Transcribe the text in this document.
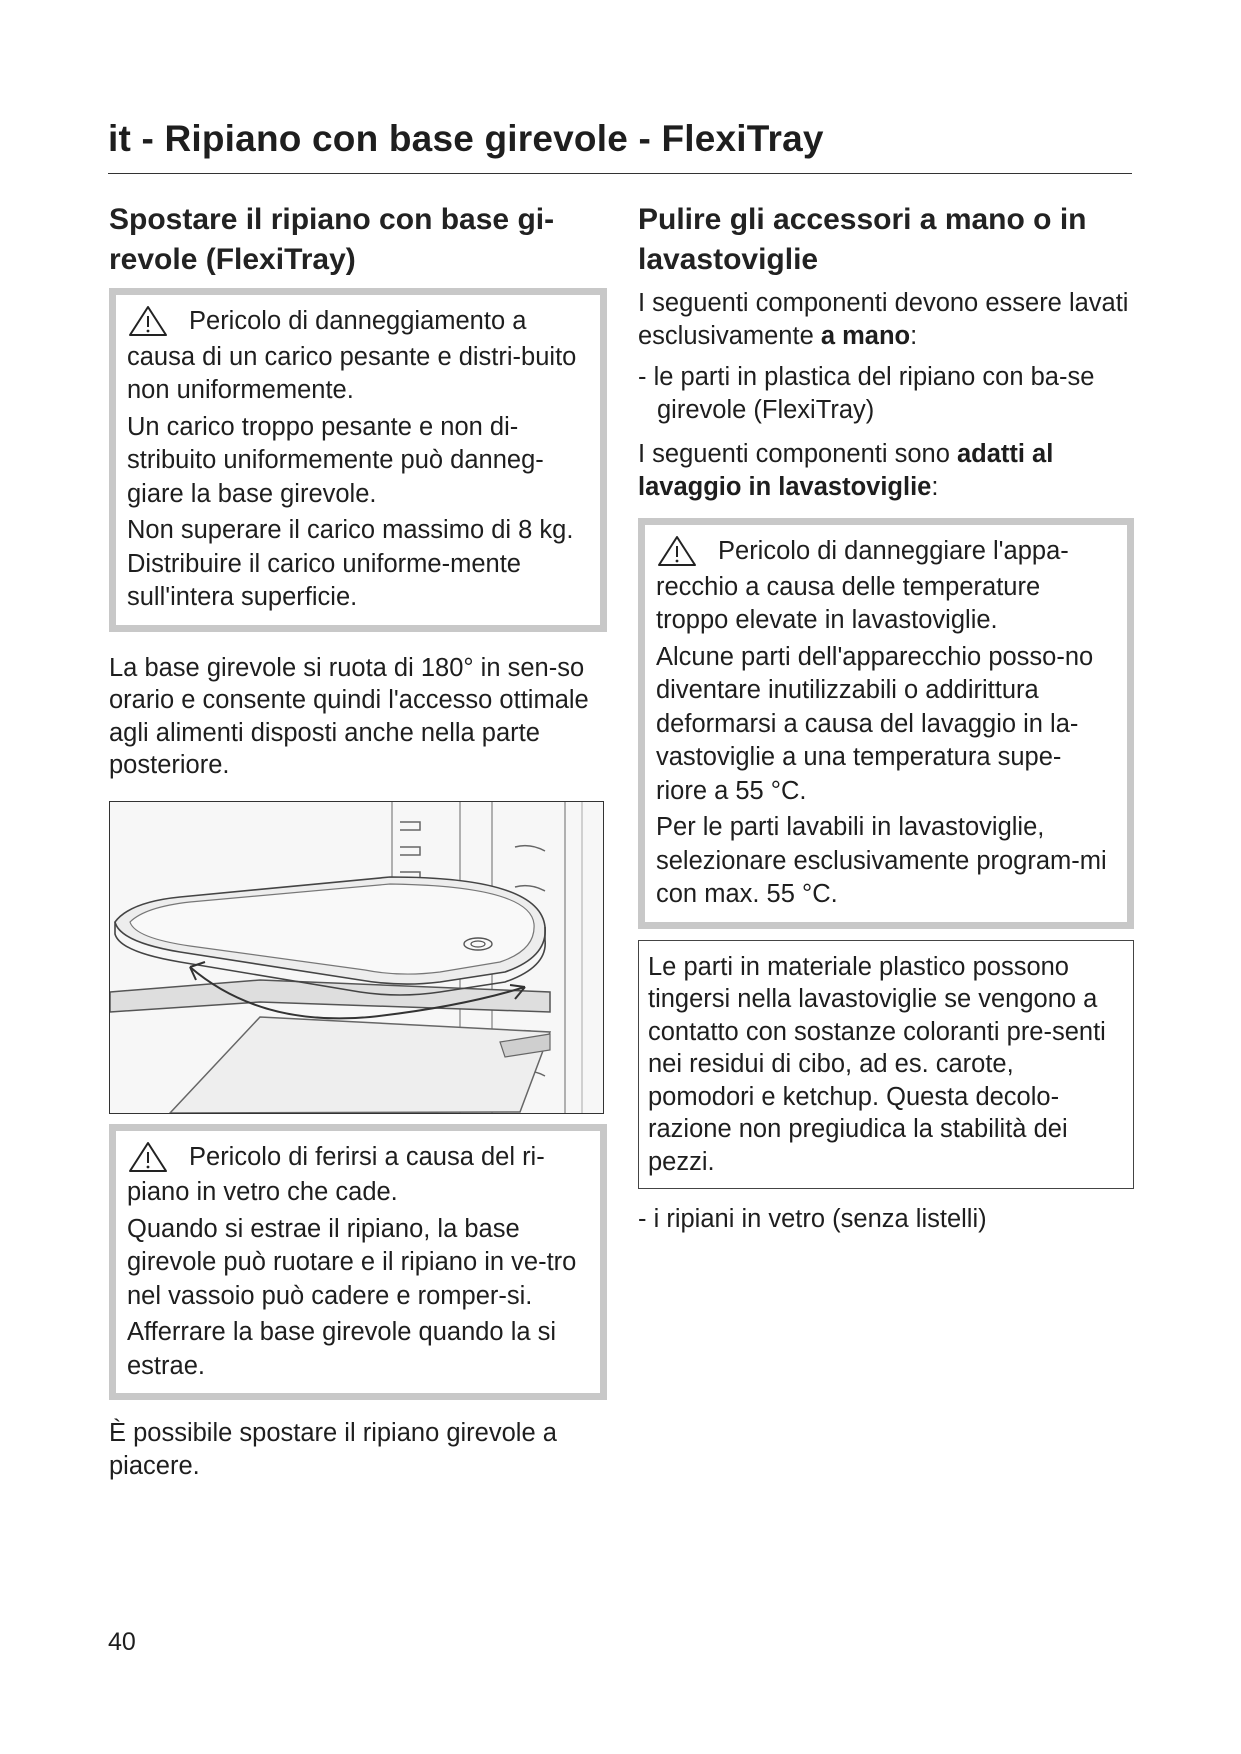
it - Ripiano con base girevole - FlexiTray
Spostare il ripiano con base gi-
revole (FlexiTray)

Pericolo di danneggiamento a causa di un carico pesante e distri-buito non uniformemente.

Un carico troppo pesante e non di-stribuito uniformemente può danneg-giare la base girevole.

Non superare il carico massimo di 8 kg. Distribuire il carico uniforme-mente sull'intera superficie.

La base girevole si ruota di 180° in sen-so orario e consente quindi l'accesso ottimale agli alimenti disposti anche nella parte posteriore.

Pericolo di ferirsi a causa del ri-piano in vetro che cade.

Quando si estrae il ripiano, la base girevole può ruotare e il ripiano in ve-tro nel vassoio può cadere e romper-si.

Afferrare la base girevole quando la si estrae.

È possibile spostare il ripiano girevole a piacere.

Pulire gli accessori a mano o in
lavastoviglie

I seguenti componenti devono essere lavati esclusivamente a mano:

- le parti in plastica del ripiano con ba-se girevole (FlexiTray)

I seguenti componenti sono adatti al lavaggio in lavastoviglie:

Pericolo di danneggiare l'appa-recchio a causa delle temperature troppo elevate in lavastoviglie.

Alcune parti dell'apparecchio posso-no diventare inutilizzabili o addirittura deformarsi a causa del lavaggio in la-vastoviglie a una temperatura supe-riore a 55 °C.

Per le parti lavabili in lavastoviglie, selezionare esclusivamente program-mi con max. 55 °C.

Le parti in materiale plastico possono tingersi nella lavastoviglie se vengono a contatto con sostanze coloranti pre-senti nei residui di cibo, ad es. carote, pomodori e ketchup. Questa decolo-razione non pregiudica la stabilità dei pezzi.

- i ripiani in vetro (senza listelli)

40
